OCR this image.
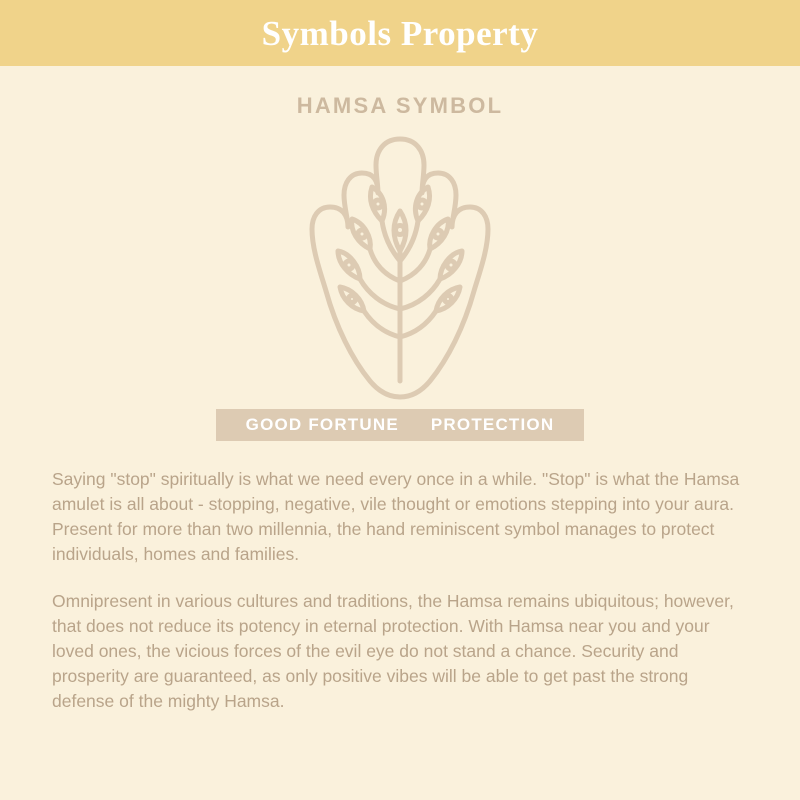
Symbols Property
HAMSA SYMBOL
GOOD FORTUNE	PROTECTION

Saying "stop" spiritually is what we need every once in a while. "Stop" is what the Hamsa amulet is all about - stopping, negative, vile thought or emotions stepping into your aura. Present for more than two millennia, the hand reminiscent symbol manages to protect individuals, homes and families.

Omnipresent in various cultures and traditions, the Hamsa remains ubiquitous; however, that does not reduce its potency in eternal protection. With Hamsa near you and your loved ones, the vicious forces of the evil eye do not stand a chance. Security and prosperity are guaranteed, as only positive vibes will be able to get past the strong defense of the mighty Hamsa.
